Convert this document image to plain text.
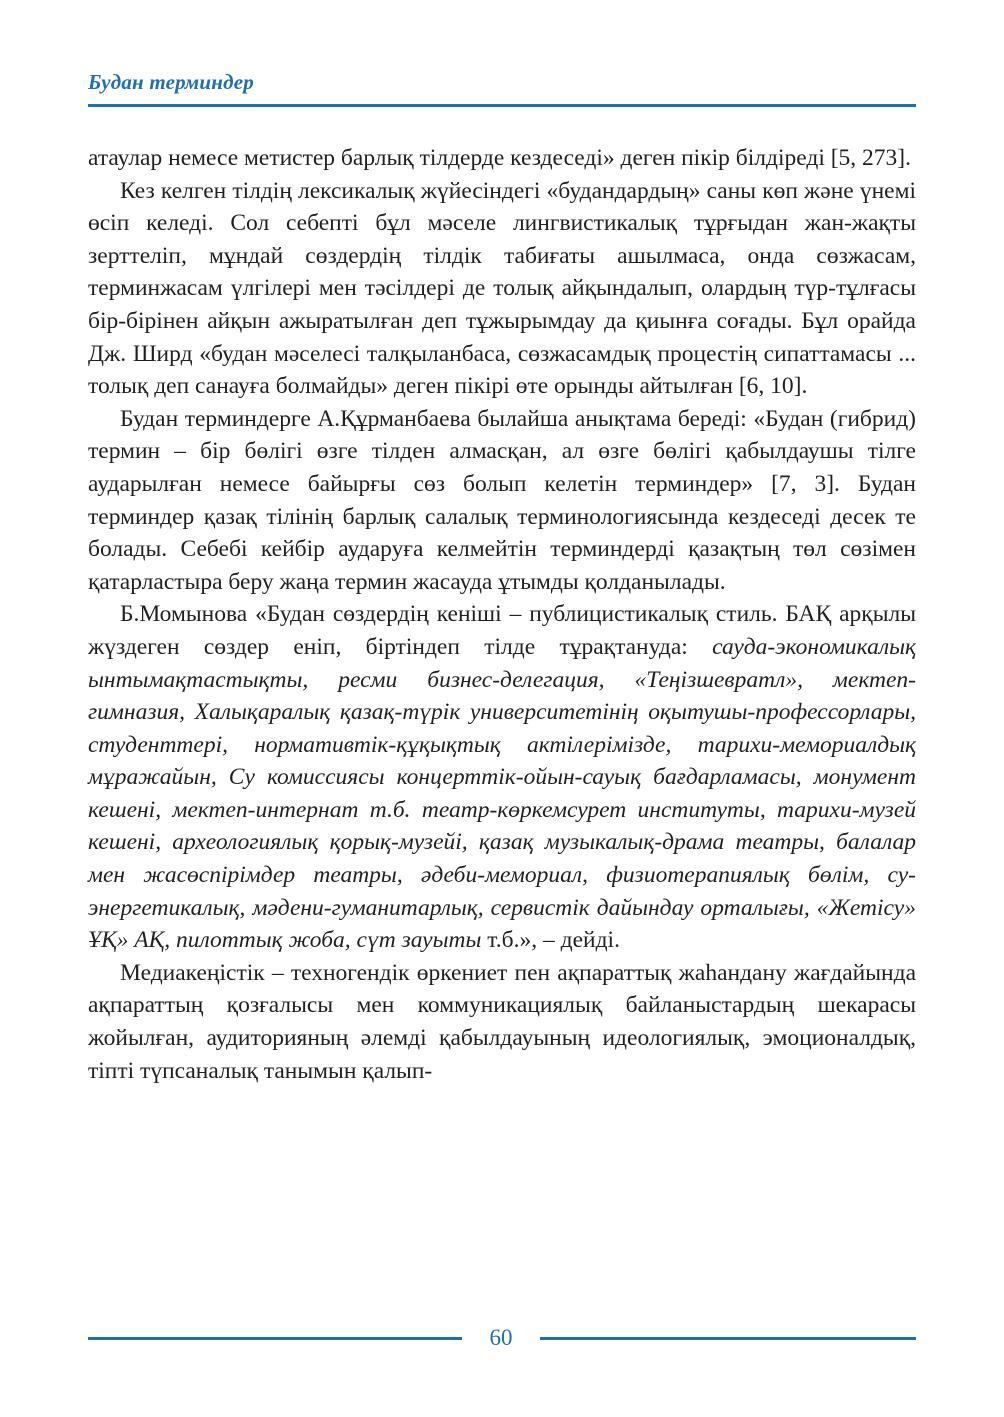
Будан терминдер

атаулар немесе метистер барлық тілдерде кездеседі» деген пікір білдіреді [5, 273].

Кез келген тілдің лексикалық жүйесіндегі «будандардың» саны көп және үнемі өсіп келеді. Сол себепті бұл мәселе лингвистикалық тұрғыдан жан-жақты зерттеліп, мұндай сөздердің тілдік табиғаты ашылмаса, онда сөзжасам, терминжасам үлгілері мен тәсілдері де толық айқындалып, олардың түр-тұлғасы бір-бірінен айқын ажыратылған деп тұжырымдау да қиынға соғады. Бұл орайда Дж. Ширд «будан мәселесі талқыланбаса, сөзжасамдық процестің сипаттамасы ... толық деп санауға болмайды» деген пікірі өте орынды айтылған [6, 10].

Будан терминдерге А.Құрманбаева былайша анықтама береді: «Будан (гибрид) термин – бір бөлігі өзге тілден алмасқан, ал өзге бөлігі қабылдаушы тілге аударылған немесе байырғы сөз болып келетін терминдер» [7, 3]. Будан терминдер қазақ тілінің барлық салалық терминологиясында кездеседі десек те болады. Себебі кейбір аударуға келмейтін терминдерді қазақтың төл сөзімен қатарластыра беру жаңа термин жасауда ұтымды қолданылады.

Б.Момынова «Будан сөздердің кеніші – публицистикалық стиль. БАҚ арқылы жүздеген сөздер еніп, біртіндеп тілде тұрақтануда: сауда-экономикалық ынтымақтастықты, ресми бизнес-делегация, «Теңізшевратл», мектеп-гимназия, Халықаралық қазақ-түрік университетінің оқытушы-профессорлары, студенттері, нормативтік-құқықтық актілерімізде, тарихи-мемориалдық мұражайын, Су комиссиясы концерттік-ойын-сауық бағдарламасы, монумент кешені, мектеп-интернат т.б. театр-көркемсурет институты, тарихи-музей кешені, археологиялық қорық-музейі, қазақ музыкалық-драма театры, балалар мен жасөспірімдер театры, әдеби-мемориал, физиотерапиялық бөлім, су-энергетикалық, мәдени-гуманитарлық, сервистік дайындау орталығы, «Жетісу» ҰҚ» АҚ, пилоттық жоба, сүт зауыты т.б.», – дейді.

Медиакеңістік – техногендік өркениет пен ақпараттық жаһандану жағдайында ақпараттың қозғалысы мен коммуникациялық байланыстардың шекарасы жойылған, аудиторияның әлемді қабылдауының идеологиялық, эмоционалдық, тіпті түпсаналық танымын қалып-

60
